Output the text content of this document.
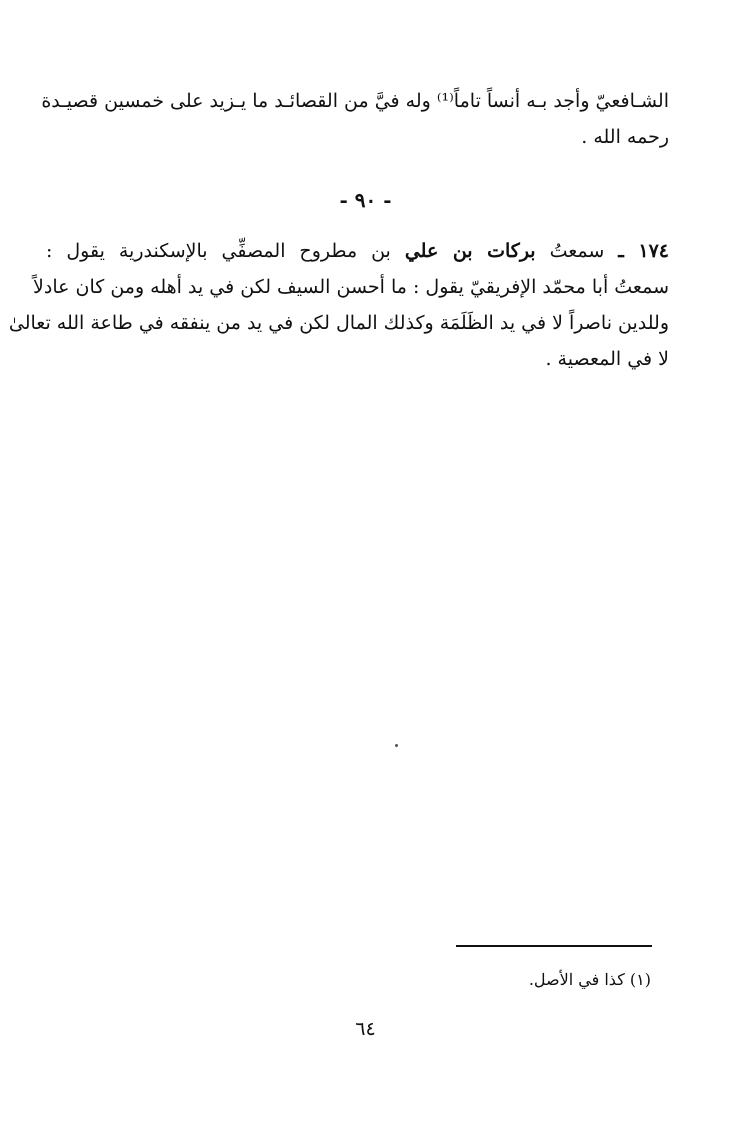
الشـافعيّ وأجد بـه أنساً تاماً⁽¹⁾ وله فيَّ من القصائـد ما يـزيد على خمسين قصيـدة
رحمه الله .
- ٩٠ -
١٧٤ ـ سمعتُ بركات بن علي بن مطروح المصفِّي بالإسكندرية يقول :
سمعتُ أبا محمّد الإفريقيّ يقول : ما أحسن السيف لكن في يد أهله ومن كان عادلاً
وللدين ناصراً لا في يد الظَلَمَة وكذلك المال لكن في يد من ينفقه في طاعة الله تعالىٰ
لا في المعصية .
(١) كذا في الأصل.
٦٤
